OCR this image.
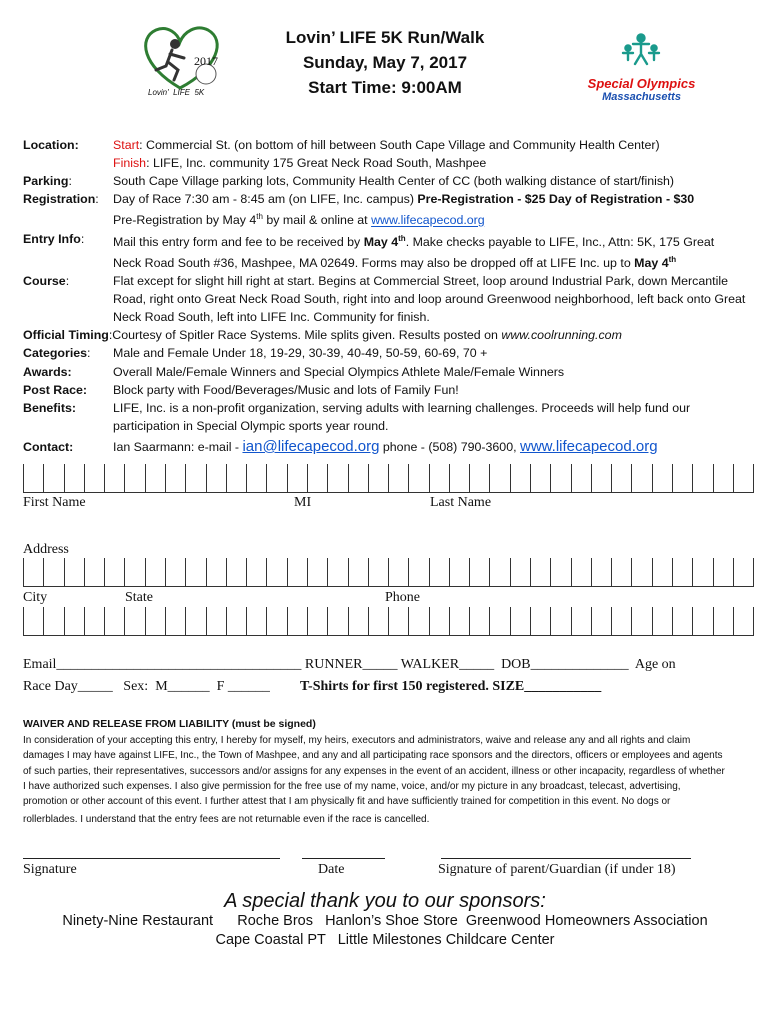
2017
Lovin'  LIFE  5K
Lovin’ LIFE 5K Run/Walk
Sunday, May 7, 2017
Start Time: 9:00AM	Special Olympics
Massachusetts
Location:	Start: Commercial St. (on bottom of hill between South Cape Village and Community Health Center)
Finish: LIFE, Inc. community 175 Great Neck Road South, Mashpee
Parking:	South Cape Village parking lots, Community Health Center of CC (both walking distance of start/finish)
Registration:	Day of Race 7:30 am - 8:45 am (on LIFE, Inc. campus) Pre-Registration - $25 Day of Registration - $30
Pre-Registration by May 4th by mail & online at www.lifecapecod.org
Entry Info:	Mail this entry form and fee to be received by May 4th. Make checks payable to LIFE, Inc., Attn: 5K, 175 Great
Neck Road South #36, Mashpee, MA 02649. Forms may also be dropped off at LIFE Inc. up to May 4th
Course:	Flat except for slight hill right at start. Begins at Commercial Street, loop around Industrial Park, down Mercantile
Road, right onto Great Neck Road South, right into and loop around Greenwood neighborhood, left back onto Great
Neck Road South, left into LIFE Inc. Community for finish.
Official Timing: Courtesy of Spitler Race Systems. Mile splits given. Results posted on www.coolrunning.com
Categories:	Male and Female Under 18, 19-29, 30-39, 40-49, 50-59, 60-69, 70 +
Awards:	Overall Male/Female Winners and Special Olympics Athlete Male/Female Winners
Post Race:	Block party with Food/Beverages/Music and lots of Family Fun!
Benefits:	LIFE, Inc. is a non-profit organization, serving adults with learning challenges. Proceeds will help fund our
participation in Special Olympic sports year round.
Contact:	Ian Saarmann: e-mail - ian@lifecapecod.org phone - (508) 790-3600, www.lifecapecod.org
First Name	MI	Last Name
Address
City	State	Phone
Email___________________________________ RUNNER_____ WALKER_____  DOB______________  Age on
Race Day_____   Sex:  M______  F ______ T-Shirts for first 150 registered. SIZE___________
WAIVER AND RELEASE FROM LIABILITY (must be signed)
In consideration of your accepting this entry, I hereby for myself, my heirs, executors and administrators, waive and release any and all rights and claim
damages I may have against LIFE, Inc., the Town of Mashpee, and any and all participating race sponsors and the directors, officers or employees and agents
of such parties, their representatives, successors and/or assigns for any expenses in the event of an accident, illness or other incapacity, regardless of whether
I have authorized such expenses. I also give permission for the free use of my name, voice, and/or my picture in any broadcast, telecast, advertising,
promotion or other account of this event. I further attest that I am physically fit and have sufficiently trained for competition in this event. No dogs or
rollerblades. I understand that the entry fees are not returnable even if the race is cancelled.
Signature	Date	Signature of parent/Guardian (if under 18)
A special thank you to our sponsors:
Ninety-Nine Restaurant      Roche Bros   Hanlon’s Shoe Store  Greenwood Homeowners Association
Cape Coastal PT   Little Milestones Childcare Center
